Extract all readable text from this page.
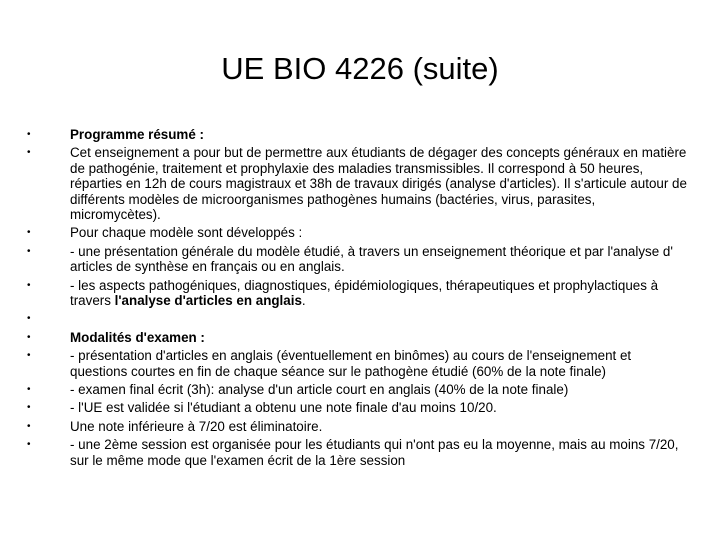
UE BIO 4226 (suite)
•	Programme résumé :
•	Cet enseignement a pour but de permettre aux étudiants de dégager des concepts généraux en matière de pathogénie, traitement et prophylaxie des maladies transmissibles. Il correspond à 50 heures, réparties en 12h de cours magistraux et 38h de travaux dirigés (analyse d'articles). Il s'articule autour de différents modèles de microorganismes pathogènes humains (bactéries, virus, parasites, micromycètes).
•	Pour chaque modèle sont développés :
•	- une présentation générale du modèle étudié, à travers un enseignement théorique et par l'analyse d' articles de synthèse en français ou en anglais.
•	- les aspects pathogéniques, diagnostiques, épidémiologiques, thérapeutiques et prophylactiques à travers l'analyse d'articles en anglais.
•
•	Modalités d'examen :
•	- présentation d'articles en anglais (éventuellement en binômes) au cours de l'enseignement et questions courtes en fin de chaque séance sur le pathogène étudié (60% de la note finale)
•	- examen final écrit (3h): analyse d'un article court en anglais (40% de la note finale)
•	- l'UE est validée si l'étudiant a obtenu une note finale d'au moins 10/20.
•	Une note inférieure à 7/20 est éliminatoire.
•	- une 2ème session est organisée pour les étudiants qui n'ont pas eu la moyenne, mais au moins 7/20, sur le même mode que l'examen écrit de la 1ère session
